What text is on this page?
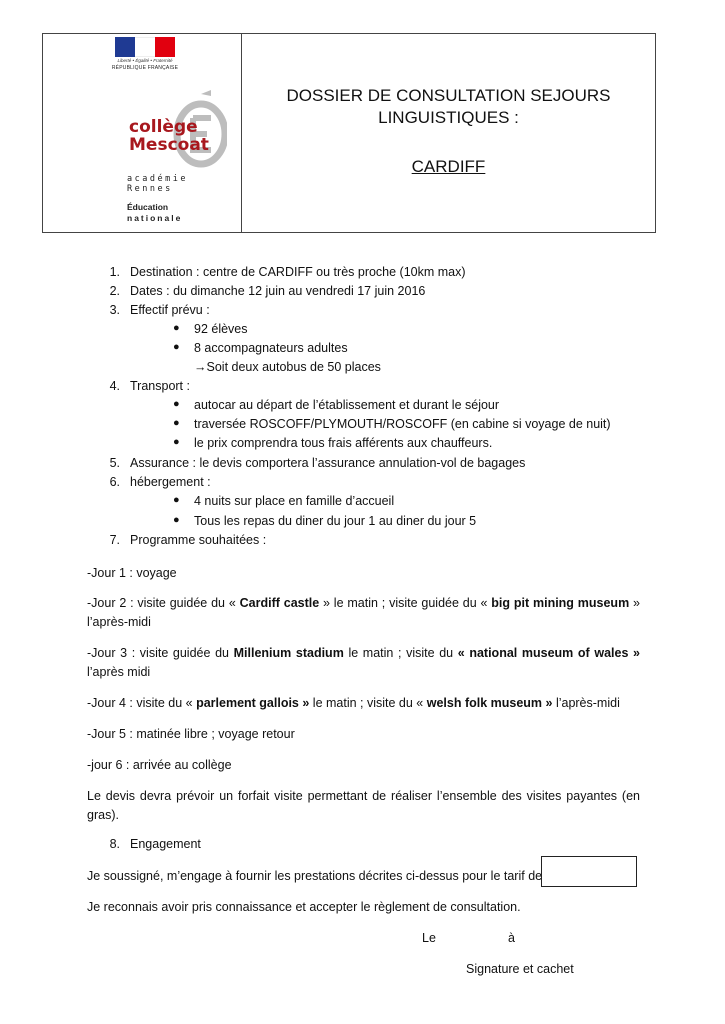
Liberté • Égalité • Fraternité
RÉPUBLIQUE FRANÇAISE
collège
Mescoat
académie
Rennes
Éducation
nationale
DOSSIER DE CONSULTATION SEJOURS
LINGUISTIQUES :
CARDIFF
1. Destination : centre de CARDIFF ou très proche (10km max)
2. Dates : du dimanche 12 juin au vendredi 17 juin 2016
3. Effectif prévu :
● 92 élèves
● 8 accompagnateurs adultes
→Soit deux autobus de 50 places
4. Transport :
● autocar au départ de l’établissement et durant le séjour
● traversée ROSCOFF/PLYMOUTH/ROSCOFF (en cabine si voyage de nuit)
● le prix comprendra tous frais afférents aux chauffeurs.
5. Assurance : le devis comportera l’assurance annulation-vol de bagages
6. hébergement :
● 4 nuits sur place en famille d’accueil
● Tous les repas du diner du jour 1 au diner du jour 5
7. Programme souhaitées :
-Jour 1 : voyage
-Jour 2 : visite guidée du « Cardiff castle » le matin ; visite guidée du « big pit mining museum » l’après-midi
-Jour 3 : visite guidée du Millenium stadium le matin ; visite du « national museum of wales » l’après midi
-Jour 4 : visite du « parlement gallois » le matin ; visite du « welsh folk museum » l’après-midi
-Jour 5 : matinée libre ; voyage retour
-jour 6 : arrivée au collège
Le devis devra prévoir un forfait visite permettant de réaliser l’ensemble des visites payantes (en gras).
8. Engagement
Je soussigné, m’engage à fournir les prestations décrites ci-dessus pour le tarif de
Je reconnais avoir pris connaissance et accepter le règlement de consultation.
Le	à
Signature et cachet
